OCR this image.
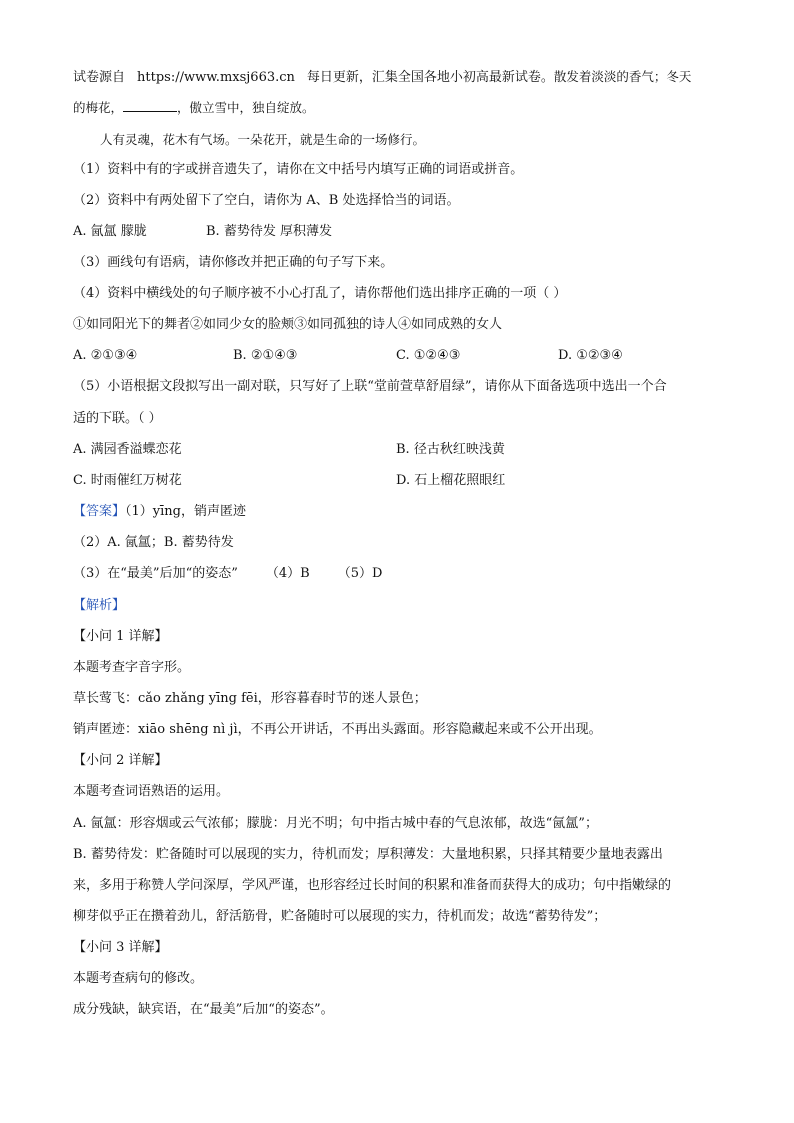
试卷源自 https://www.mxsj663.cn 每日更新，汇集全国各地小初高最新试卷。散发着淡淡的香气；冬天
的梅花，	，傲立雪中，独自绽放。
人有灵魂，花木有气场。一朵花开，就是生命的一场修行。
（1）资料中有的字或拼音遗失了，请你在文中括号内填写正确的词语或拼音。
（2）资料中有两处留下了空白，请你为 A、B 处选择恰当的词语。
A. 氤氲 朦胧	B. 蓄势待发 厚积薄发
（3）画线句有语病，请你修改并把正确的句子写下来。
（4）资料中横线处的句子顺序被不小心打乱了，请你帮他们选出排序正确的一项（ ）
①如同阳光下的舞者②如同少女的脸颊③如同孤独的诗人④如同成熟的女人
A. ②①③④	B. ②①④③	C. ①②④③	D. ①②③④
（5）小语根据文段拟写出一副对联，只写好了上联“堂前萱草舒眉绿”，请你从下面备选项中选出一个合
适的下联。（ ）
A. 满园香溢蝶恋花	B. 径古秋红映浅黄
C. 时雨催红万树花	D. 石上榴花照眼红
【答案】（1）yīng，销声匿迹
（2）A. 氤氲；B. 蓄势待发
（3）在“最美”后加“的姿态” （4）B （5）D
【解析】
【小问 1 详解】
本题考查字音字形。
草长莺飞：cǎo zhǎng yīng fēi，形容暮春时节的迷人景色；
销声匿迹：xiāo shēng nì jì，不再公开讲话，不再出头露面。形容隐藏起来或不公开出现。
【小问 2 详解】
本题考查词语熟语的运用。
A. 氤氲：形容烟或云气浓郁；朦胧：月光不明；句中指古城中春的气息浓郁，故选“氤氲”；
B. 蓄势待发：贮备随时可以展现的实力，待机而发；厚积薄发：大量地积累，只择其精要少量地表露出
来，多用于称赞人学问深厚，学风严谨，也形容经过长时间的积累和准备而获得大的成功；句中指嫩绿的
柳芽似乎正在攒着劲儿，舒活筋骨，贮备随时可以展现的实力，待机而发；故选“蓄势待发”；
【小问 3 详解】
本题考查病句的修改。
成分残缺，缺宾语，在“最美”后加“的姿态”。
